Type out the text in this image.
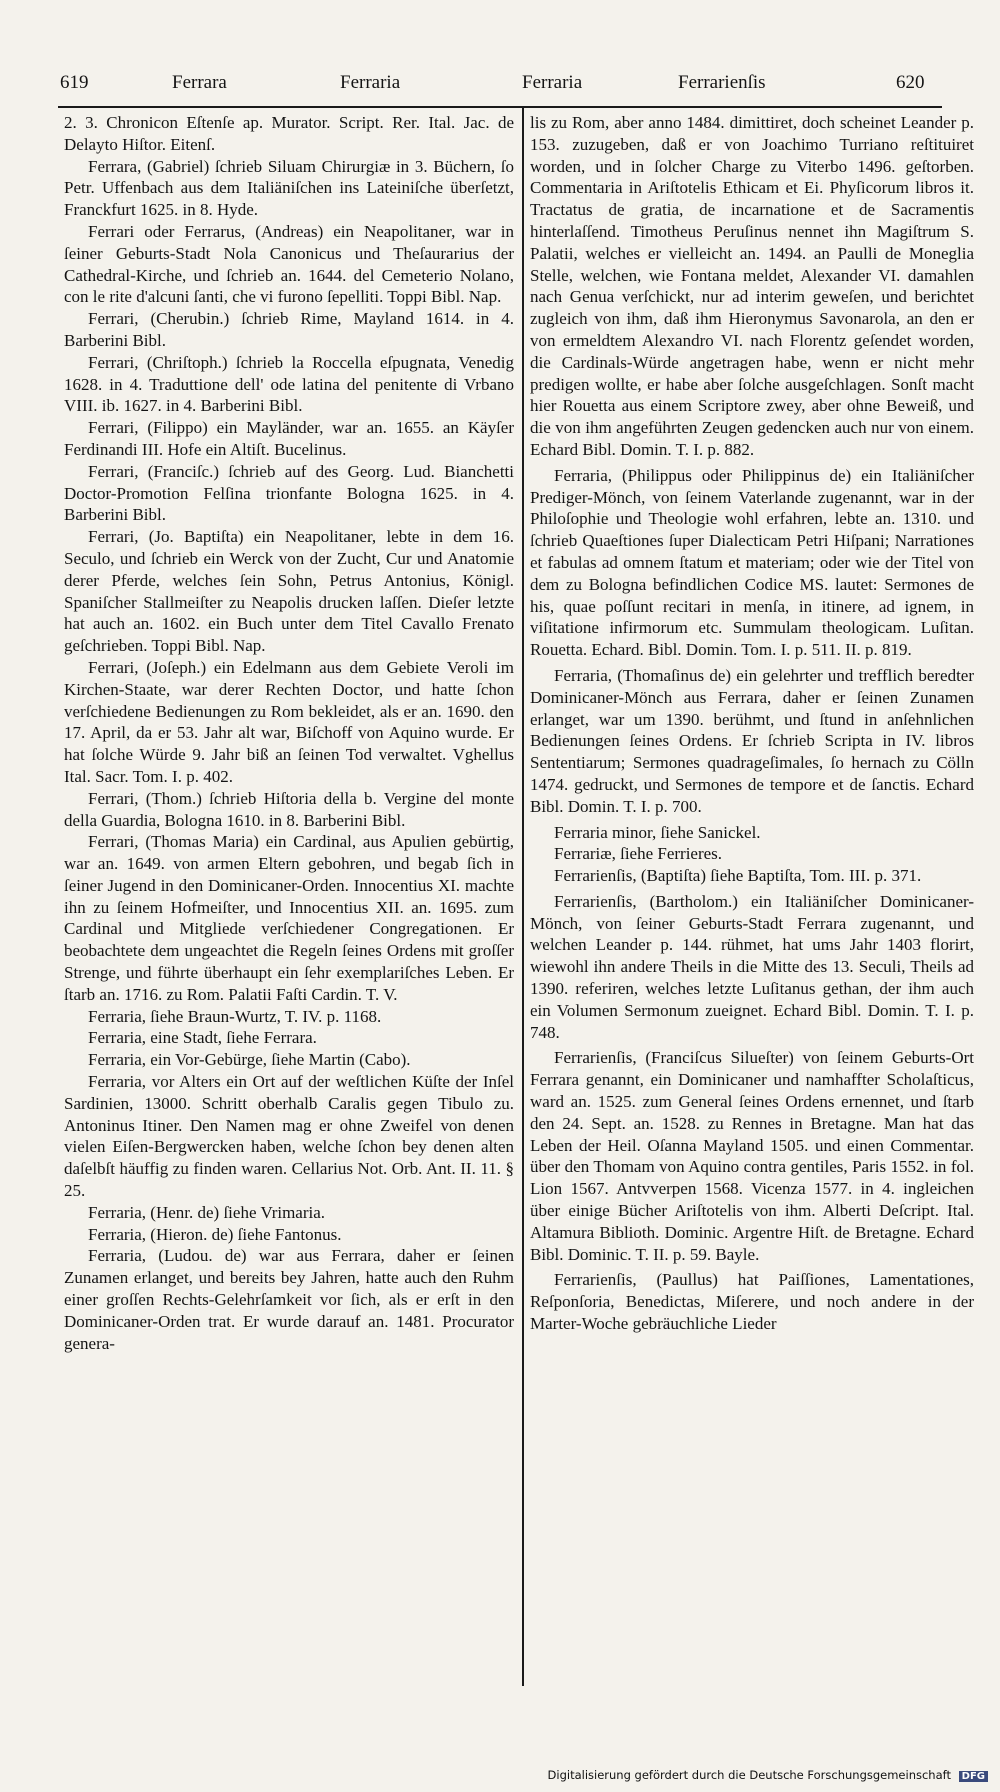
619	Ferrara	Ferraria	Ferraria	Ferrarienſis	620

2. 3. Chronicon Eſtenſe ap. Murator. Script. Rer. Ital. Jac. de Delayto Hiſtor. Eitenſ.

Ferrara, (Gabriel) ſchrieb Siluam Chirurgiæ in 3. Büchern, ſo Petr. Uffenbach aus dem Italiäniſchen ins Lateiniſche überſetzt, Franckfurt 1625. in 8. Hyde.

Ferrari oder Ferrarus, (Andreas) ein Neapolitaner, war in ſeiner Geburts-Stadt Nola Canonicus und Theſaurarius der Cathedral-Kirche, und ſchrieb an. 1644. del Cemeterio Nolano, con le rite d'alcuni ſanti, che vi furono ſepelliti. Toppi Bibl. Nap.

Ferrari, (Cherubin.) ſchrieb Rime, Mayland 1614. in 4. Barberini Bibl.

Ferrari, (Chriſtoph.) ſchrieb la Roccella eſpugnata, Venedig 1628. in 4. Traduttione dell' ode latina del penitente di Vrbano VIII. ib. 1627. in 4. Barberini Bibl.

Ferrari, (Filippo) ein Mayländer, war an. 1655. an Käyſer Ferdinandi III. Hofe ein Altiſt. Bucelinus.

Ferrari, (Franciſc.) ſchrieb auf des Georg. Lud. Bianchetti Doctor-Promotion Felſina trionfante Bologna 1625. in 4. Barberini Bibl.

Ferrari, (Jo. Baptiſta) ein Neapolitaner, lebte in dem 16. Seculo, und ſchrieb ein Werck von der Zucht, Cur und Anatomie derer Pferde, welches ſein Sohn, Petrus Antonius, Königl. Spaniſcher Stallmeiſter zu Neapolis drucken laſſen. Dieſer letzte hat auch an. 1602. ein Buch unter dem Titel Cavallo Frenato geſchrieben. Toppi Bibl. Nap.

Ferrari, (Joſeph.) ein Edelmann aus dem Gebiete Veroli im Kirchen-Staate, war derer Rechten Doctor, und hatte ſchon verſchiedene Bedienungen zu Rom bekleidet, als er an. 1690. den 17. April, da er 53. Jahr alt war, Biſchoff von Aquino wurde. Er hat ſolche Würde 9. Jahr biß an ſeinen Tod verwaltet. Vghellus Ital. Sacr. Tom. I. p. 402.

Ferrari, (Thom.) ſchrieb Hiſtoria della b. Vergine del monte della Guardia, Bologna 1610. in 8. Barberini Bibl.

Ferrari, (Thomas Maria) ein Cardinal, aus Apulien gebürtig, war an. 1649. von armen Eltern gebohren, und begab ſich in ſeiner Jugend in den Dominicaner-Orden. Innocentius XI. machte ihn zu ſeinem Hofmeiſter, und Innocentius XII. an. 1695. zum Cardinal und Mitgliede verſchiedener Congregationen. Er beobachtete dem ungeachtet die Regeln ſeines Ordens mit groſſer Strenge, und führte überhaupt ein ſehr exemplariſches Leben. Er ſtarb an. 1716. zu Rom. Palatii Faſti Cardin. T. V.

Ferraria, ſiehe Braun-Wurtz, T. IV. p. 1168.

Ferraria, eine Stadt, ſiehe Ferrara.

Ferraria, ein Vor-Gebürge, ſiehe Martin (Cabo).

Ferraria, vor Alters ein Ort auf der weſtlichen Küſte der Inſel Sardinien, 13000. Schritt oberhalb Caralis gegen Tibulo zu. Antoninus Itiner. Den Namen mag er ohne Zweifel von denen vielen Eiſen-Bergwercken haben, welche ſchon bey denen alten daſelbſt häuffig zu finden waren. Cellarius Not. Orb. Ant. II. 11. § 25.

Ferraria, (Henr. de) ſiehe Vrimaria.

Ferraria, (Hieron. de) ſiehe Fantonus.

Ferraria, (Ludou. de) war aus Ferrara, daher er ſeinen Zunamen erlanget, und bereits bey Jahren, hatte auch den Ruhm einer groſſen Rechts-Gelehrſamkeit vor ſich, als er erſt in den Dominicaner-Orden trat. Er wurde darauf an. 1481. Procurator genera-

lis zu Rom, aber anno 1484. dimittiret, doch scheinet Leander p. 153. zuzugeben, daß er von Joachimo Turriano reſtituiret worden, und in ſolcher Charge zu Viterbo 1496. geſtorben. Commentaria in Ariſtotelis Ethicam et Ei. Phyſicorum libros it. Tractatus de gratia, de incarnatione et de Sacramentis hinterlaſſend. Timotheus Peruſinus nennet ihn Magiſtrum S. Palatii, welches er vielleicht an. 1494. an Paulli de Moneglia Stelle, welchen, wie Fontana meldet, Alexander VI. damahlen nach Genua verſchickt, nur ad interim geweſen, und berichtet zugleich von ihm, daß ihm Hieronymus Savonarola, an den er von ermeldtem Alexandro VI. nach Florentz geſendet worden, die Cardinals-Würde angetragen habe, wenn er nicht mehr predigen wollte, er habe aber ſolche ausgeſchlagen. Sonſt macht hier Rouetta aus einem Scriptore zwey, aber ohne Beweiß, und die von ihm angeführten Zeugen gedencken auch nur von einem. Echard Bibl. Domin. T. I. p. 882.

Ferraria, (Philippus oder Philippinus de) ein Italiäniſcher Prediger-Mönch, von ſeinem Vaterlande zugenannt, war in der Philoſophie und Theologie wohl erfahren, lebte an. 1310. und ſchrieb Quaeſtiones ſuper Dialecticam Petri Hiſpani; Narrationes et fabulas ad omnem ſtatum et materiam; oder wie der Titel von dem zu Bologna befindlichen Codice MS. lautet: Sermones de his, quae poſſunt recitari in menſa, in itinere, ad ignem, in viſitatione infirmorum etc. Summulam theologicam. Luſitan. Rouetta. Echard. Bibl. Domin. Tom. I. p. 511. II. p. 819.

Ferraria, (Thomaſinus de) ein gelehrter und trefflich beredter Dominicaner-Mönch aus Ferrara, daher er ſeinen Zunamen erlanget, war um 1390. berühmt, und ſtund in anſehnlichen Bedienungen ſeines Ordens. Er ſchrieb Scripta in IV. libros Sententiarum; Sermones quadrageſimales, ſo hernach zu Cölln 1474. gedruckt, und Sermones de tempore et de ſanctis. Echard Bibl. Domin. T. I. p. 700.

Ferraria minor, ſiehe Sanickel.

Ferrariæ, ſiehe Ferrieres.

Ferrarienſis, (Baptiſta) ſiehe Baptiſta, Tom. III. p. 371.

Ferrarienſis, (Bartholom.) ein Italiäniſcher Dominicaner-Mönch, von ſeiner Geburts-Stadt Ferrara zugenannt, und welchen Leander p. 144. rühmet, hat ums Jahr 1403 florirt, wiewohl ihn andere Theils in die Mitte des 13. Seculi, Theils ad 1390. referiren, welches letzte Luſitanus gethan, der ihm auch ein Volumen Sermonum zueignet. Echard Bibl. Domin. T. I. p. 748.

Ferrarienſis, (Franciſcus Silueſter) von ſeinem Geburts-Ort Ferrara genannt, ein Dominicaner und namhaffter Scholaſticus, ward an. 1525. zum General ſeines Ordens ernennet, und ſtarb den 24. Sept. an. 1528. zu Rennes in Bretagne. Man hat das Leben der Heil. Oſanna Mayland 1505. und einen Commentar. über den Thomam von Aquino contra gentiles, Paris 1552. in fol. Lion 1567. Antvverpen 1568. Vicenza 1577. in 4. ingleichen über einige Bücher Ariſtotelis von ihm. Alberti Deſcript. Ital. Altamura Biblioth. Dominic. Argentre Hiſt. de Bretagne. Echard Bibl. Dominic. T. II. p. 59. Bayle.

Ferrarienſis, (Paullus) hat Paiſſiones, Lamentationes, Reſponſoria, Benedictas, Miſerere, und noch andere in der Marter-Woche gebräuchliche Lieder

Digitalisierung gefördert durch die Deutsche Forschungsgemeinschaft DFG
